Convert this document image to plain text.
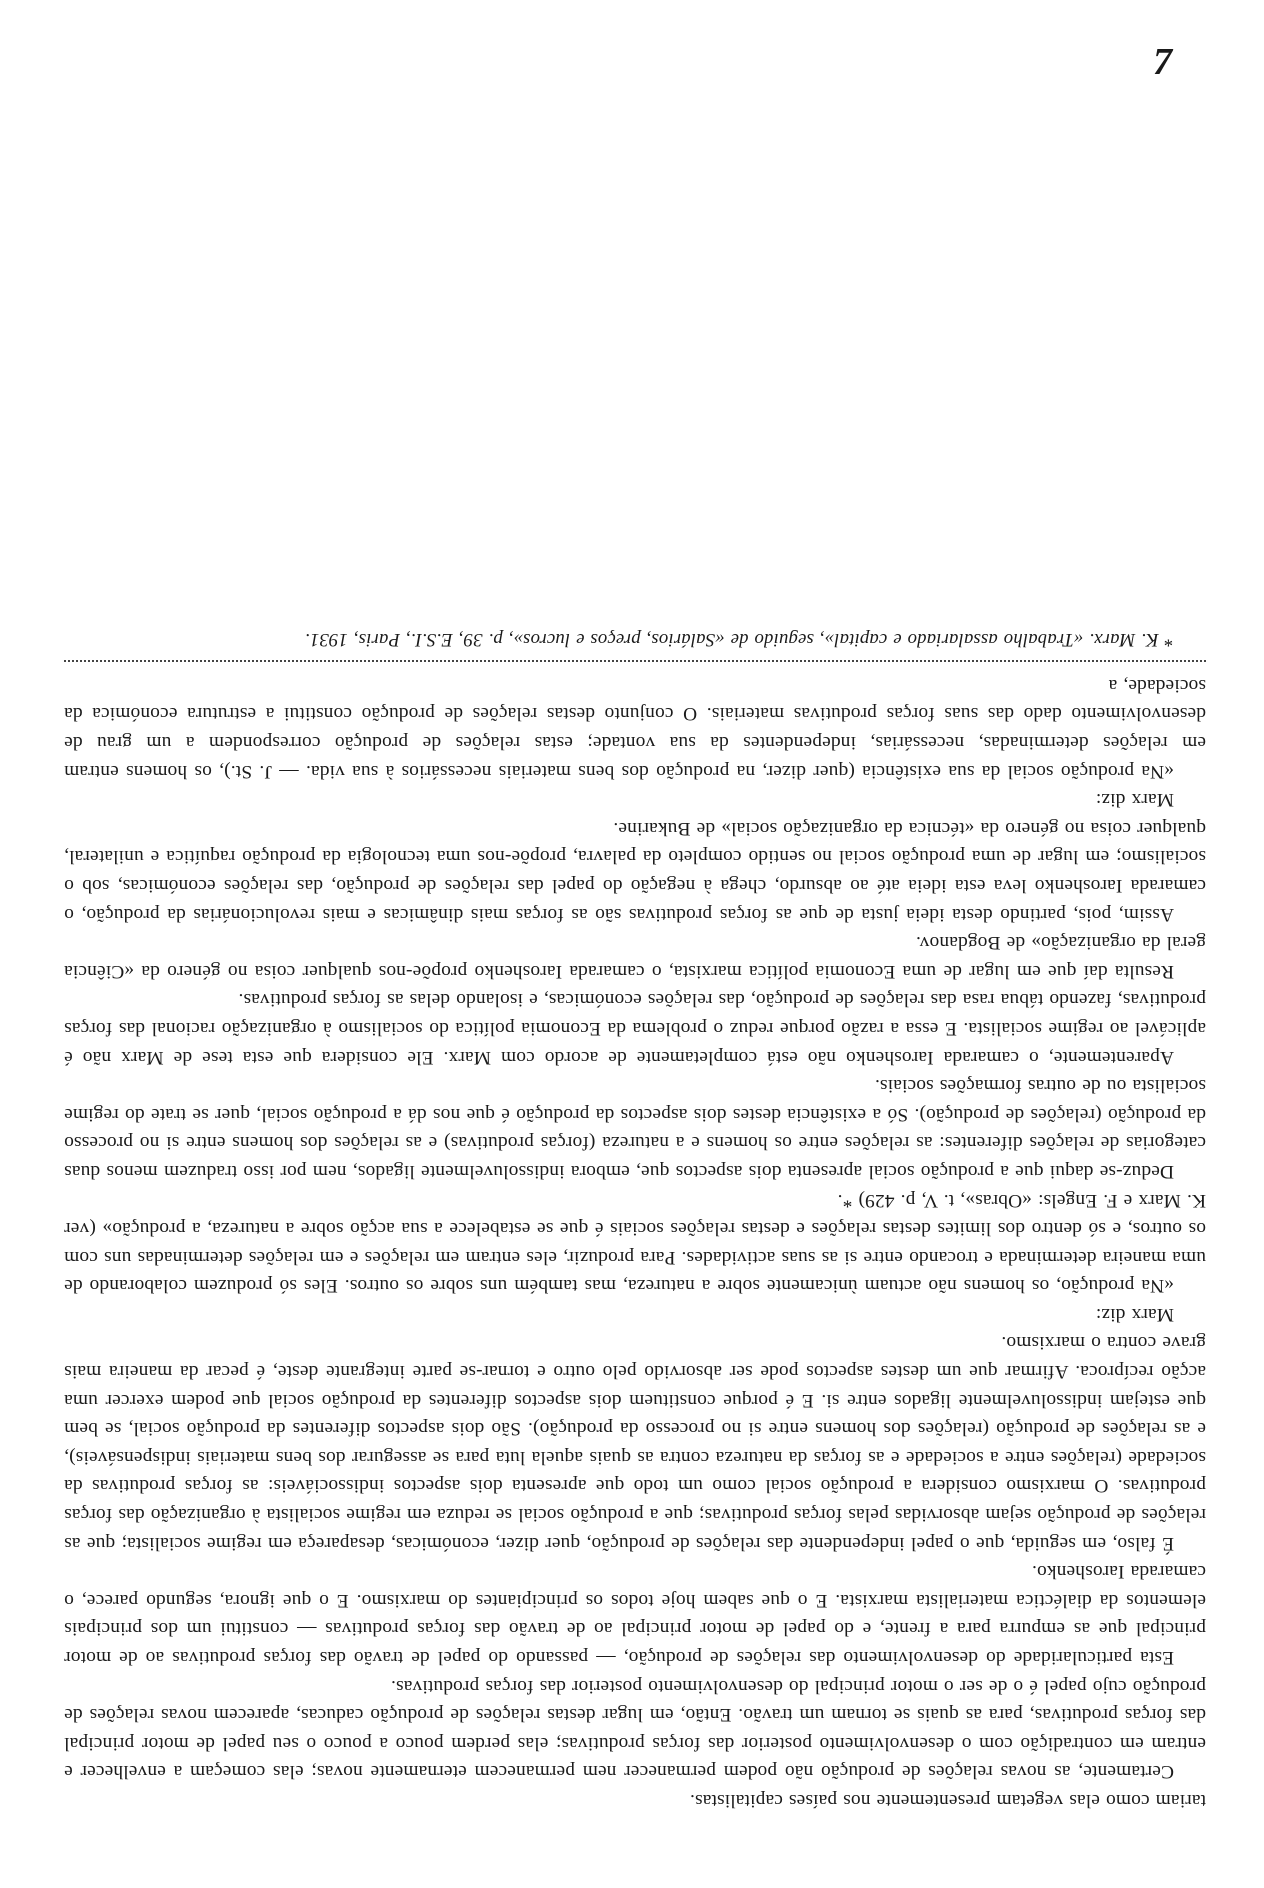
tariam como elas vegetam presentemente nos países capitalistas.

Certamente, as novas relações de produção não podem permanecer nem permanecem eternamente novas; elas começam a envelhecer e entram em contradição com o desenvolvimento posterior das forças produtivas; elas perdem pouco a pouco o seu papel de motor principal das forças produtivas, para as quais se tornam um travão. Então, em lugar destas relações de produção caducas, aparecem novas relações de produção cujo papel é o de ser o motor principal do desenvolvimento posterior das forças produtivas.

Esta particularidade do desenvolvimento das relações de produção, — passando do papel de travão das forças produtivas ao de motor principal que as empurra para a frente, e do papel de motor principal ao de travão das forças produtivas — constitui um dos principais elementos da dialéctica materialista marxista. E o que sabem hoje todos os principiantes do marxismo. E o que ignora, segundo parece, o camarada Iaroshenko.

É falso, em seguida, que o papel independente das relações de produção, quer dizer, económicas, desapareça em regime socialista; que as relações de produção sejam absorvidas pelas forças produtivas; que a produção social se reduza em regime socialista à organização das forças produtivas. O marxismo considera a produção social como um todo que apresenta dois aspectos indissociáveis: as forças produtivas da sociedade (relações entre a sociedade e as forças da natureza contra as quais aquela luta para se assegurar dos bens materiais indispensáveis), e as relações de produção (relações dos homens entre si no processo da produção). São dois aspectos diferentes da produção social, se bem que estejam indissoluvelmente ligados entre si. E é porque constituem dois aspectos diferentes da produção social que podem exercer uma acção recíproca. Afirmar que um destes aspectos pode ser absorvido pelo outro e tornar-se parte integrante deste, é pecar da maneira mais grave contra o marxismo.

Marx diz:

«Na produção, os homens não actuam ùnicamente sobre a natureza, mas também uns sobre os outros. Eles só produzem colaborando de uma maneira determinada e trocando entre si as suas actividades. Para produzir, eles entram em relações e em relações determinadas uns com os outros, e só dentro dos limites destas relações e destas relações sociais é que se estabelece a sua acção sobre a natureza, a produção» (ver K. Marx e F. Engels: «Obras», t. V, p. 429) *.

Deduz-se daqui que a produção social apresenta dois aspectos que, embora indissoluvelmente ligados, nem por isso traduzem menos duas categorias de relações diferentes: as relações entre os homens e a natureza (forças produtivas) e as relações dos homens entre si no processo da produção (relações de produção). Só a existência destes dois aspectos da produção é que nos dá a produção social, quer se trate do regime socialista ou de outras formações sociais.

Aparentemente, o camarada Iaroshenko não está completamente de acordo com Marx. Ele considera que esta tese de Marx não é aplicável ao regime socialista. E essa a razão porque reduz o problema da Economia política do socialismo à organização racional das forças produtivas, fazendo tábua rasa das relações de produção, das relações económicas, e isolando delas as forças produtivas.

Resulta daí que em lugar de uma Economia política marxista, o camarada Iaroshenko propõe-nos qualquer coisa no género da «Ciência geral da organização» de Bogdanov.

Assim, pois, partindo desta ideia justa de que as forças produtivas são as forças mais dinâmicas e mais revolucionárias da produção, o camarada Iaroshenko leva esta ideia até ao absurdo, chega à negação do papel das relações de produção, das relações económicas, sob o socialismo; em lugar de uma produção social no sentido completo da palavra, propõe-nos uma tecnologia da produção raquítica e unilateral, qualquer coisa no género da «técnica da organização social» de Bukarine.

Marx diz:

«Na produção social da sua existência (quer dizer, na produção dos bens materiais necessários à sua vida. — J. St.), os homens entram em relações determinadas, necessárias, independentes da sua vontade; estas relações de produção correspondem a um grau de desenvolvimento dado das suas forças produtivas materiais. O conjunto destas relações de produção constitui a estrutura económica da sociedade, a

* K. Marx. «Trabalho assalariado e capital», seguido de «Salários, preços e lucros», p. 39, E.S.I., Paris, 1931.

7
